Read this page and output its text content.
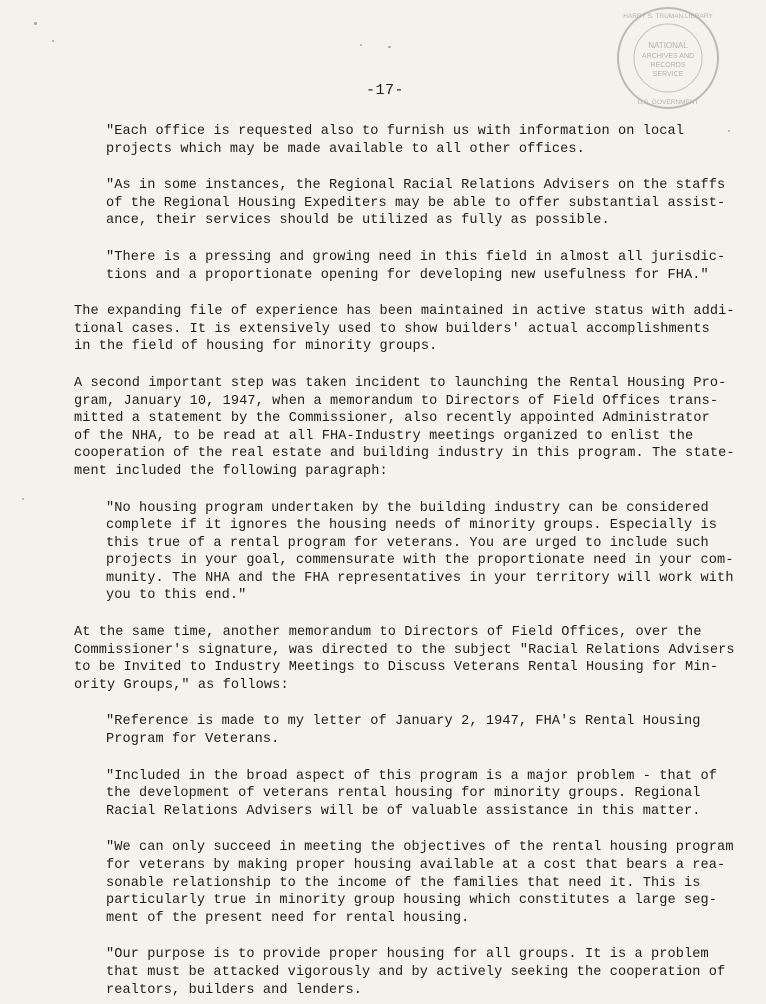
NATIONAL
ARCHIVES AND
RECORDS
SERVICE
HARRY S. TRUMAN LIBRARY
U.S. GOVERNMENT
-17-

"Each office is requested also to furnish us with information on local
projects which may be made available to all other offices.

"As in some instances, the Regional Racial Relations Advisers on the staffs
of the Regional Housing Expediters may be able to offer substantial assist-
ance, their services should be utilized as fully as possible.

"There is a pressing and growing need in this field in almost all jurisdic-
tions and a proportionate opening for developing new usefulness for FHA."

The expanding file of experience has been maintained in active status with addi-
tional cases. It is extensively used to show builders' actual accomplishments
in the field of housing for minority groups.

A second important step was taken incident to launching the Rental Housing Pro-
gram, January 10, 1947, when a memorandum to Directors of Field Offices trans-
mitted a statement by the Commissioner, also recently appointed Administrator
of the NHA, to be read at all FHA-Industry meetings organized to enlist the
cooperation of the real estate and building industry in this program. The state-
ment included the following paragraph:

"No housing program undertaken by the building industry can be considered
complete if it ignores the housing needs of minority groups. Especially is
this true of a rental program for veterans. You are urged to include such
projects in your goal, commensurate with the proportionate need in your com-
munity. The NHA and the FHA representatives in your territory will work with
you to this end."

At the same time, another memorandum to Directors of Field Offices, over the
Commissioner's signature, was directed to the subject "Racial Relations Advisers
to be Invited to Industry Meetings to Discuss Veterans Rental Housing for Min-
ority Groups," as follows:

"Reference is made to my letter of January 2, 1947, FHA's Rental Housing
Program for Veterans.

"Included in the broad aspect of this program is a major problem - that of
the development of veterans rental housing for minority groups. Regional
Racial Relations Advisers will be of valuable assistance in this matter.

"We can only succeed in meeting the objectives of the rental housing program
for veterans by making proper housing available at a cost that bears a rea-
sonable relationship to the income of the families that need it. This is
particularly true in minority group housing which constitutes a large seg-
ment of the present need for rental housing.

"Our purpose is to provide proper housing for all groups. It is a problem
that must be attacked vigorously and by actively seeking the cooperation of
realtors, builders and lenders.
